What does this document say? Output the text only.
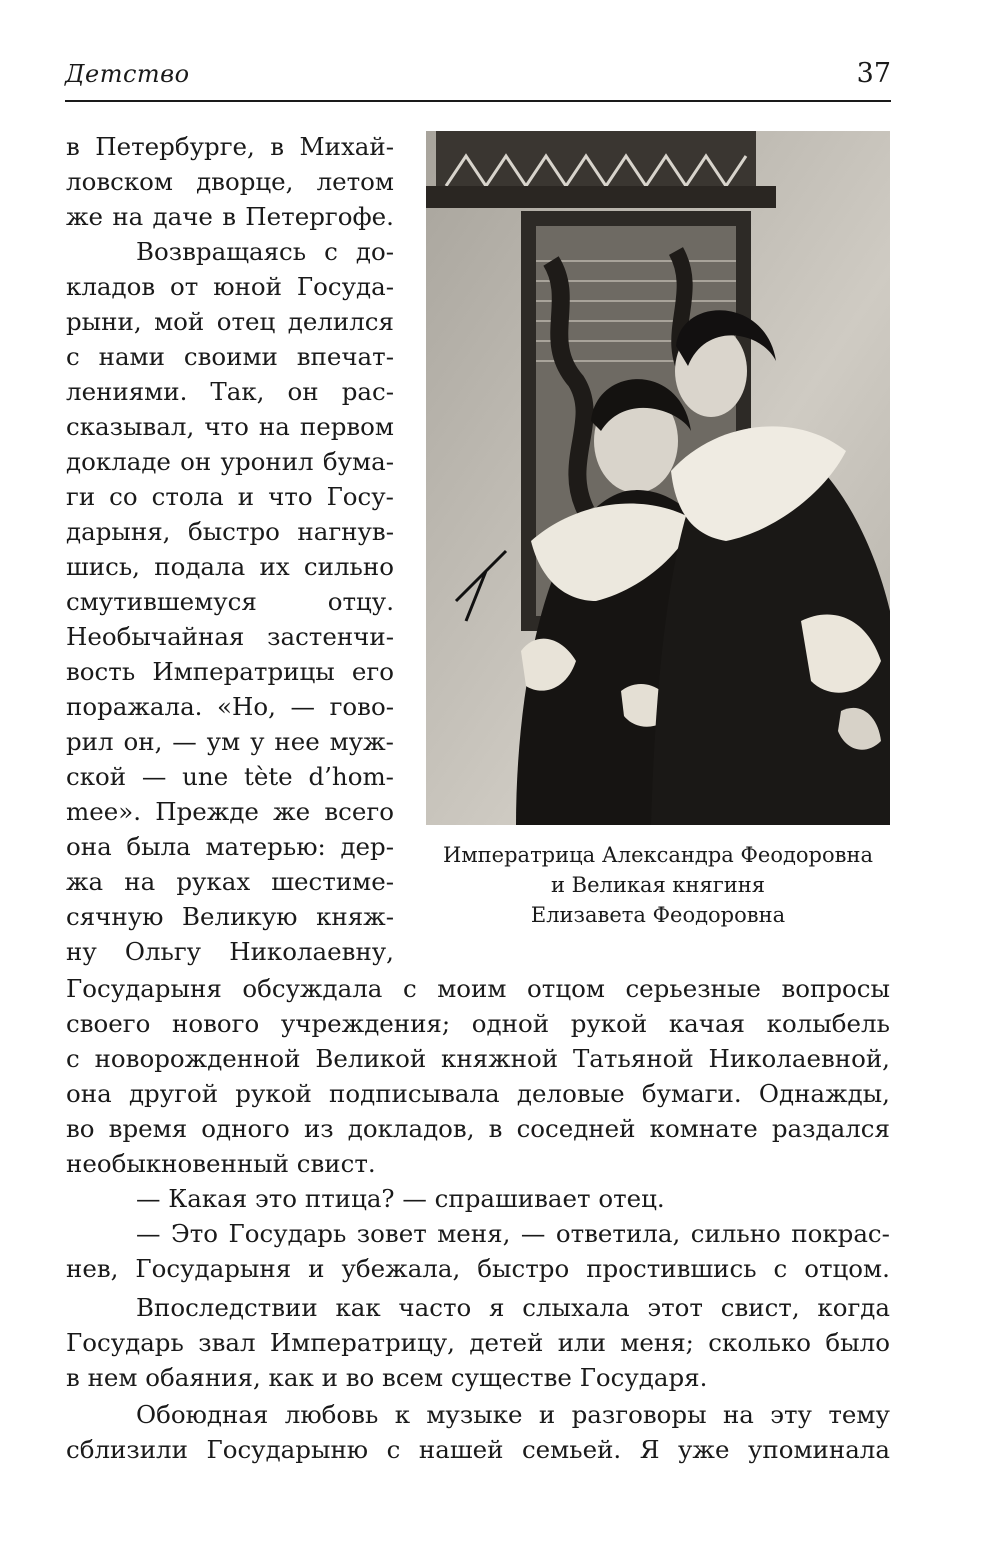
Детство	37
Императрица Александра Феодоровна
и Великая княгиня
Елизавета Феодоровна
в Петербурге, в Михай-
ловском дворце, летом
же на даче в Петергофе.
Возвращаясь с до-
кладов от юной Госуда-
рыни, мой отец делился
с нами своими впечат-
лениями. Так, он рас-
сказывал, что на первом
докладе он уронил бума-
ги со стола и что Госу-
дарыня, быстро нагнув-
шись, подала их сильно
смутившемуся	отцу.
Необычайная застенчи-
вость Императрицы его
поражала. «Но, — гово-
рил он, — ум у нее муж-
ской — une tète d’hom-
mee». Прежде же всего
она была матерью: дер-
жа на руках шестиме-
сячную Великую княж-
ну Ольгу Николаевну,
Государыня обсуждала с моим отцом серьезные вопросы
своего нового учреждения; одной рукой качая колыбель
с новорожденной Великой княжной Татьяной Николаевной,
она другой рукой подписывала деловые бумаги. Однажды,
во время одного из докладов, в соседней комнате раздался
необыкновенный свист.
— Какая это птица? — спрашивает отец.
— Это Государь зовет меня, — ответила, сильно покрас-
нев, Государыня и убежала, быстро простившись с отцом.
Впоследствии как часто я слыхала этот свист, когда
Государь звал Императрицу, детей или меня; сколько было
в нем обаяния, как и во всем существе Государя.
Обоюдная любовь к музыке и разговоры на эту тему
сблизили Государыню с нашей семьей. Я уже упоминала
